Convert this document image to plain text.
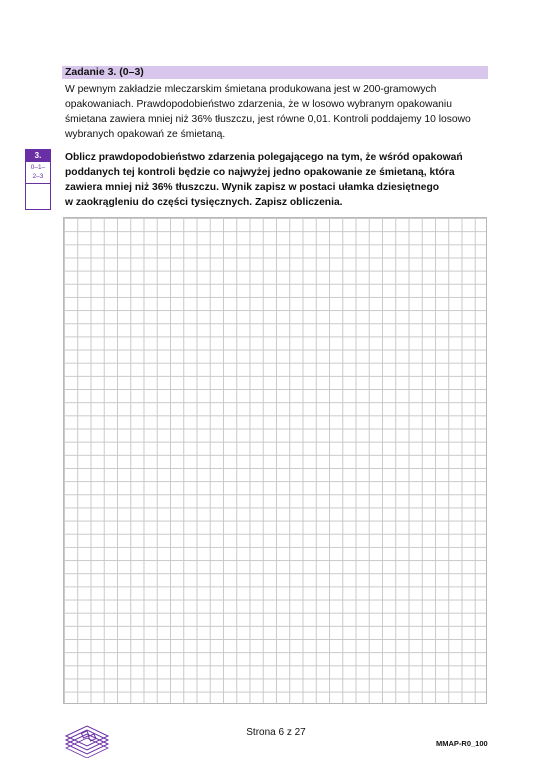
Zadanie 3. (0–3)

W pewnym zakładzie mleczarskim śmietana produkowana jest w 200-gramowych

opakowaniach. Prawdopodobieństwo zdarzenia, że w losowo wybranym opakowaniu

śmietana zawiera mniej niż 36% tłuszczu, jest równe 0,01. Kontroli poddajemy 10 losowo

wybranych opakowań ze śmietaną.

3.
0–1–
2–3

Oblicz prawdopodobieństwo zdarzenia polegającego na tym, że wśród opakowań

poddanych tej kontroli będzie co najwyżej jedno opakowanie ze śmietaną, która

zawiera mniej niż 36% tłuszczu. Wynik zapisz w postaci ułamka dziesiętnego

w zaokrągleniu do części tysięcznych. Zapisz obliczenia.

Strona 6 z 27
MMAP-R0_100
